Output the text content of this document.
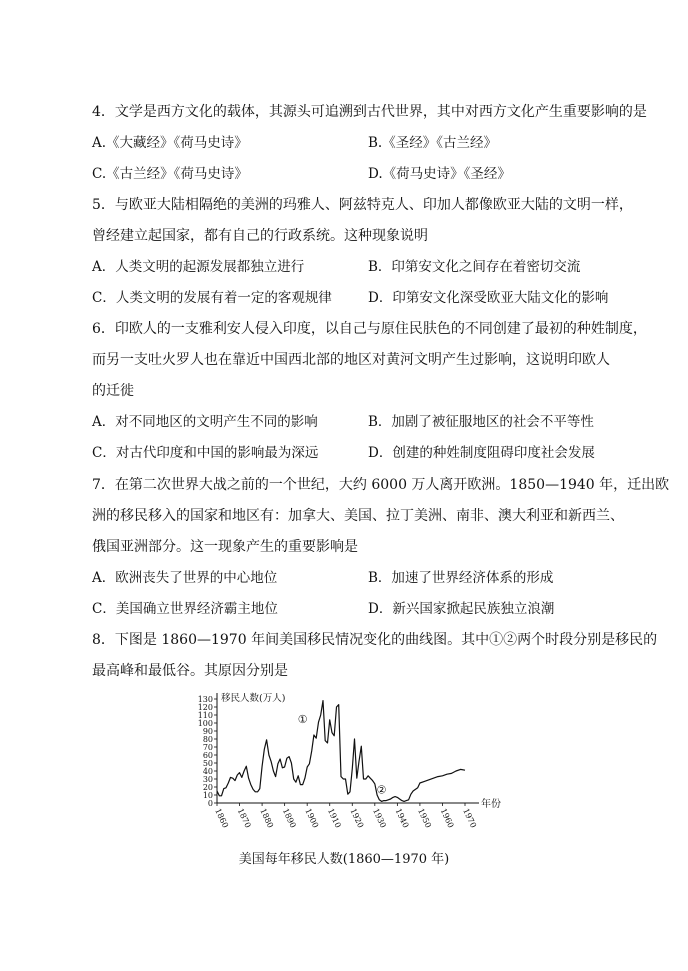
4．文学是西方文化的载体，其源头可追溯到古代世界，其中对西方文化产生重要影响的是
A.《大藏经》《荷马史诗》	B.《圣经》《古兰经》
C.《古兰经》《荷马史诗》	D.《荷马史诗》《圣经》
5．与欧亚大陆相隔绝的美洲的玛雅人、阿兹特克人、印加人都像欧亚大陆的文明一样，
曾经建立起国家，都有自己的行政系统。这种现象说明
A．人类文明的起源发展都独立进行	B．印第安文化之间存在着密切交流
C．人类文明的发展有着一定的客观规律	D．印第安文化深受欧亚大陆文化的影响
6．印欧人的一支雅利安人侵入印度，以自己与原住民肤色的不同创建了最初的种姓制度，
而另一支吐火罗人也在靠近中国西北部的地区对黄河文明产生过影响，这说明印欧人
的迁徙
A．对不同地区的文明产生不同的影响	B．加剧了被征服地区的社会不平等性
C．对古代印度和中国的影响最为深远	D．创建的种姓制度阻碍印度社会发展
7．在第二次世界大战之前的一个世纪，大约 6000 万人离开欧洲。1850—1940 年，迁出欧
洲的移民移入的国家和地区有：加拿大、美国、拉丁美洲、南非、澳大利亚和新西兰、
俄国亚洲部分。这一现象产生的重要影响是
A．欧洲丧失了世界的中心地位	B．加速了世界经济体系的形成
C．美国确立世界经济霸主地位	D．新兴国家掀起民族独立浪潮
8．下图是 1860—1970 年间美国移民情况变化的曲线图。其中①②两个时段分别是移民的
最高峰和最低谷。其原因分别是
0
10
20
30
40
50
60
70
80
90
100
110
120
130
1860 1870 1880 1890 1900 1910 1920 1930 1940 1950 1960 1970
移民人数(万人)
年份
①
②
美国每年移民人数(1860—1970 年)
